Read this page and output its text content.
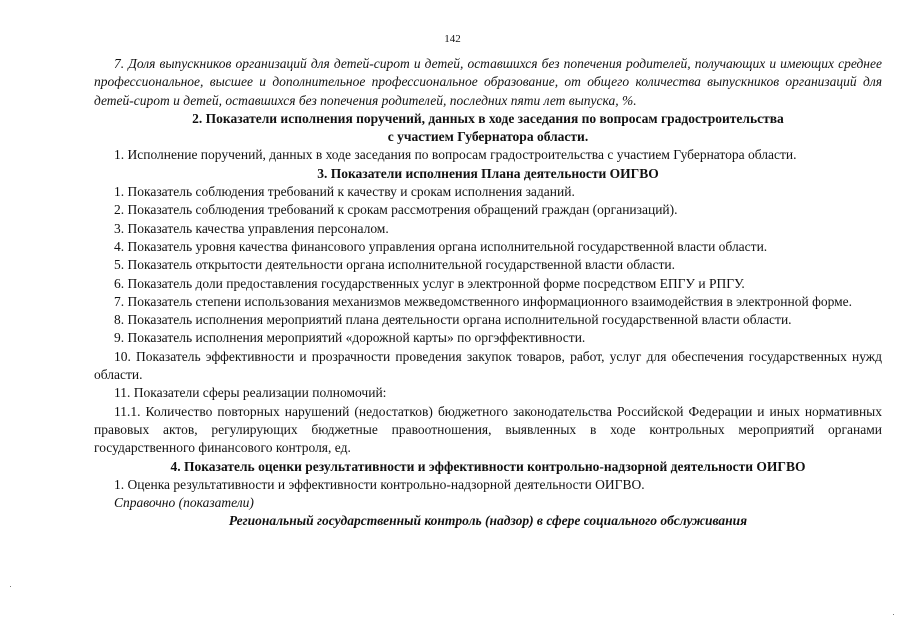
142
7. Доля выпускников организаций для детей-сирот и детей, оставшихся без попечения родителей, получающих и имеющих среднее профессиональное, высшее и дополнительное профессиональное образование, от общего количества выпускников организаций для детей-сирот и детей, оставшихся без попечения родителей, последних пяти лет выпуска, %.
2. Показатели исполнения поручений, данных в ходе заседания по вопросам градостроительства
с участием Губернатора области.
1. Исполнение поручений, данных в ходе заседания по вопросам градостроительства с участием Губернатора области.
3. Показатели исполнения Плана деятельности ОИГВО
1. Показатель соблюдения требований к качеству и срокам исполнения заданий.
2. Показатель соблюдения требований к срокам рассмотрения обращений граждан (организаций).
3. Показатель качества управления персоналом.
4. Показатель уровня качества финансового управления органа исполнительной государственной власти области.
5. Показатель открытости деятельности органа исполнительной государственной власти области.
6. Показатель доли предоставления государственных услуг в электронной форме посредством ЕПГУ и РПГУ.
7. Показатель степени использования механизмов межведомственного информационного взаимодействия в электронной форме.
8. Показатель исполнения мероприятий плана деятельности органа исполнительной государственной власти области.
9. Показатель исполнения мероприятий «дорожной карты» по оргэффективности.
10. Показатель эффективности и прозрачности проведения закупок товаров, работ, услуг для обеспечения государственных нужд области.
11. Показатели сферы реализации полномочий:
11.1. Количество повторных нарушений (недостатков) бюджетного законодательства Российской Федерации и иных нормативных правовых актов, регулирующих бюджетные правоотношения, выявленных в ходе контрольных мероприятий органами государственного финансового контроля, ед.
4. Показатель оценки результативности и эффективности контрольно-надзорной деятельности ОИГВО
1. Оценка результативности и эффективности контрольно-надзорной деятельности ОИГВО.
Справочно (показатели)
Региональный государственный контроль (надзор) в сфере социального обслуживания
